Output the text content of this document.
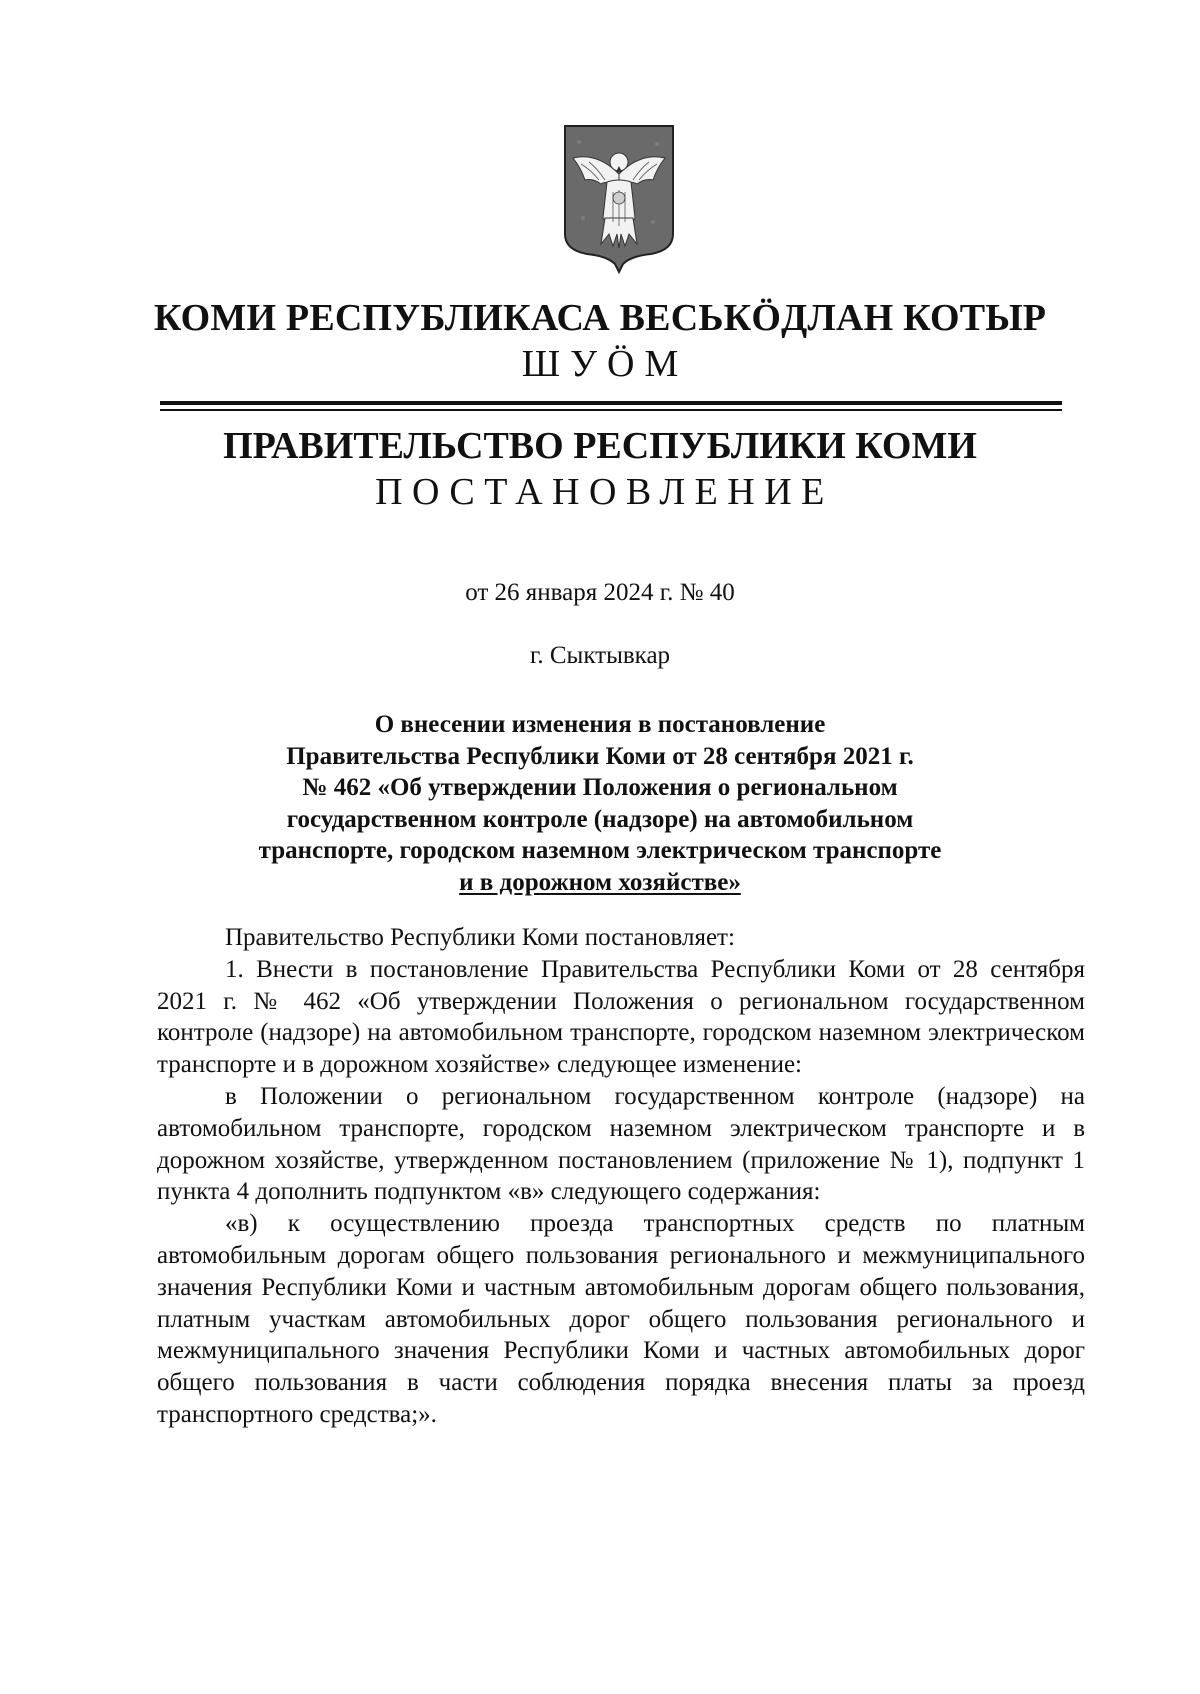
КОМИ РЕСПУБЛИКАСА ВЕСЬКӦДЛАН КОТЫР
ШУӦМ
ПРАВИТЕЛЬСТВО РЕСПУБЛИКИ КОМИ
ПОСТАНОВЛЕНИЕ
от 26 января 2024 г. № 40
г. Сыктывкар
О внесении изменения в постановление
Правительства Республики Коми от 28 сентября 2021 г.
№ 462 «Об утверждении Положения о региональном
государственном контроле (надзоре) на автомобильном
транспорте, городском наземном электрическом транспорте
и в дорожном хозяйстве»

Правительство Республики Коми постановляет:

1. Внести в постановление Правительства Республики Коми от 28 сентября 2021 г. № 462 «Об утверждении Положения о региональном государственном контроле (надзоре) на автомобильном транспорте, городском наземном электрическом транспорте и в дорожном хозяйстве» следующее изменение:

в Положении о региональном государственном контроле (надзоре) на автомобильном транспорте, городском наземном электрическом транспорте и в дорожном хозяйстве, утвержденном постановлением (приложение № 1), подпункт 1 пункта 4 дополнить подпунктом «в» следующего содержания:

«в) к осуществлению проезда транспортных средств по платным автомобильным дорогам общего пользования регионального и межмуниципального значения Республики Коми и частным автомобильным дорогам общего пользования, платным участкам автомобильных дорог общего пользования регионального и межмуниципального значения Республики Коми и частных автомобильных дорог общего пользования в части соблюдения порядка внесения платы за проезд транспортного средства;».
